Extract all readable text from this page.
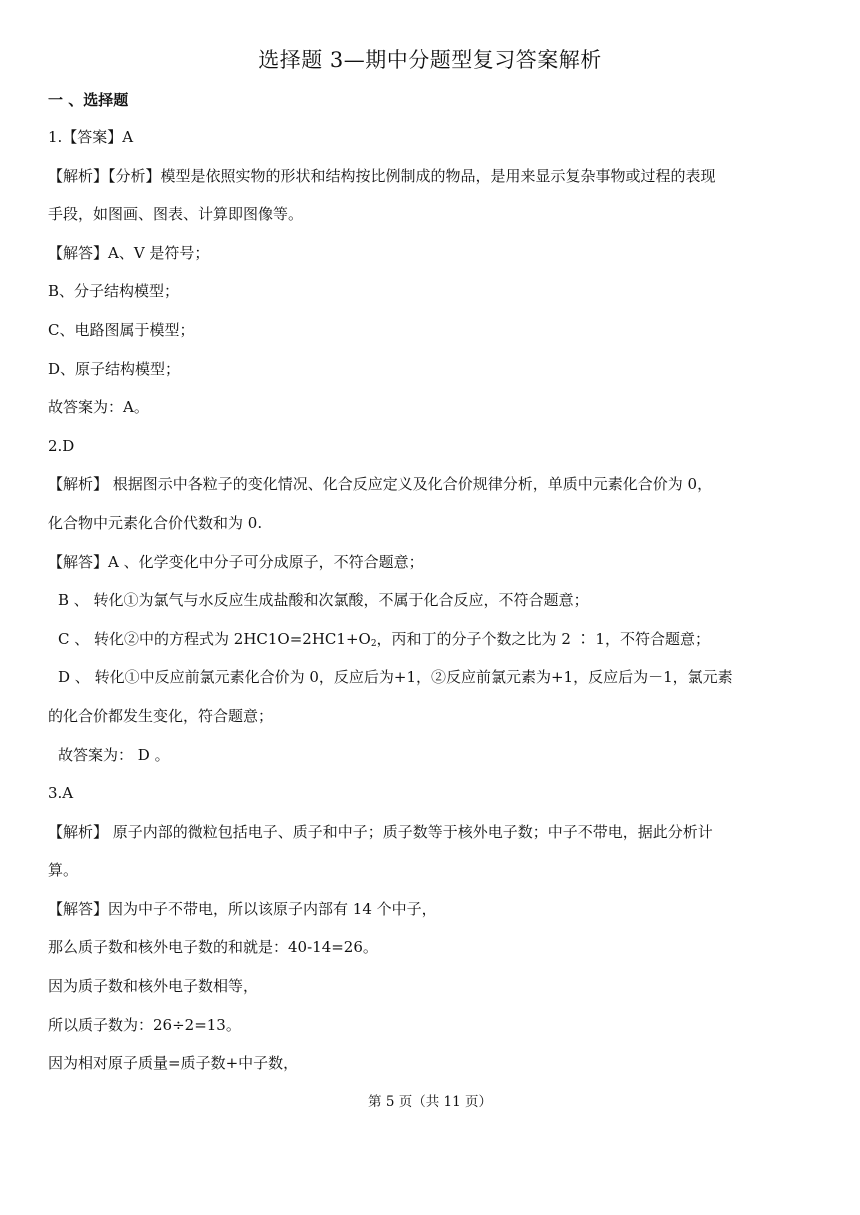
选择题 3—期中分题型复习答案解析
一 、选择题
1.【答案】A
【解析】【分析】模型是依照实物的形状和结构按比例制成的物品，是用来显示复杂事物或过程的表现
手段，如图画、图表、计算即图像等。
【解答】A、V 是符号；
B、分子结构模型；
C、电路图属于模型；
D、原子结构模型；
故答案为：A。
2.D
【解析】 根据图示中各粒子的变化情况、化合反应定义及化合价规律分析，单质中元素化合价为 0，
化合物中元素化合价代数和为 0.
【解答】A 、化学变化中分子可分成原子，不符合题意；
B 、 转化①为氯气与水反应生成盐酸和次氯酸，不属于化合反应，不符合题意；
C 、 转化②中的方程式为 $2HC1O=2HC1+O_2$，丙和丁的分子个数之比为 2 ∶ 1，不符合题意；
D 、 转化①中反应前氯元素化合价为 0，反应后为+1，②反应前氯元素为+1，反应后为－1，氯元素
的化合价都发生变化，符合题意；
故答案为： D 。
3.A
【解析】 原子内部的微粒包括电子、质子和中子；质子数等于核外电子数；中子不带电，据此分析计
算。
【解答】因为中子不带电，所以该原子内部有 14 个中子，
那么质子数和核外电子数的和就是：40-14=26。
因为质子数和核外电子数相等，
所以质子数为：26÷2=13。
因为相对原子质量=质子数+中子数，
第 5 页（共 11 页）
